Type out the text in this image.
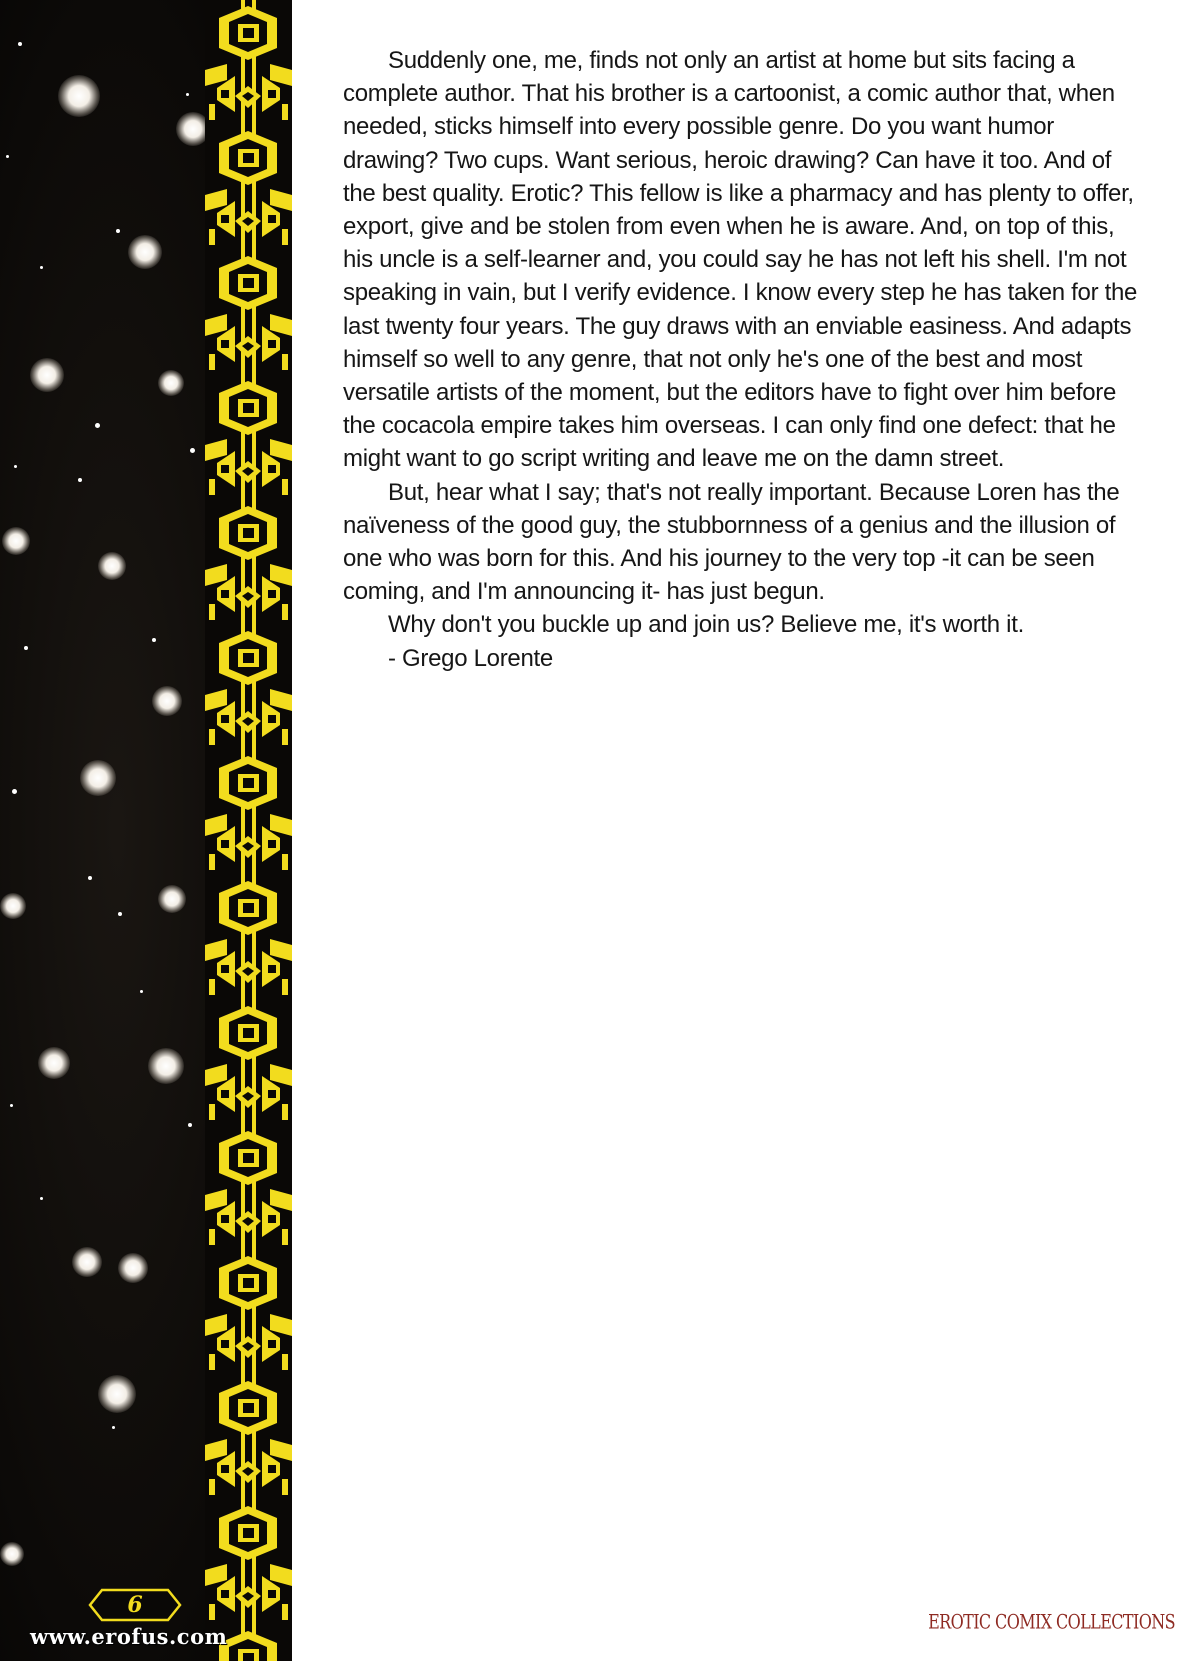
Suddenly one, me, finds not only an artist at home but sits facing a complete author. That his brother is a cartoonist, a comic author that, when needed, sticks himself into every possible genre. Do you want humor drawing? Two cups. Want serious, heroic drawing? Can have it too. And of the best quality. Erotic? This fellow is like a pharmacy and has plenty to offer, export, give and be stolen from even when he is aware. And, on top of this, his uncle is a self-learner and, you could say he has not left his shell. I'm not speaking in vain, but I verify evidence. I know every step he has taken for the last twenty four years. The guy draws with an enviable easiness. And adapts himself so well to any genre, that not only he's one of the best and most versatile artists of the moment, but the editors have to fight over him before the cocacola empire takes him overseas. I can only find one defect: that he might want to go script writing and leave me on the damn street.

But, hear what I say; that's not really important. Because Loren has the naïveness of the good guy, the stubbornness of a genius and the illusion of one who was born for this. And his journey to the very top -it can be seen coming, and I'm announcing it- has just begun.

Why don't you buckle up and join us? Believe me, it's worth it.

- Grego Lorente

6
www.erofus.com
EROTIC COMIX COLLECTIONS
